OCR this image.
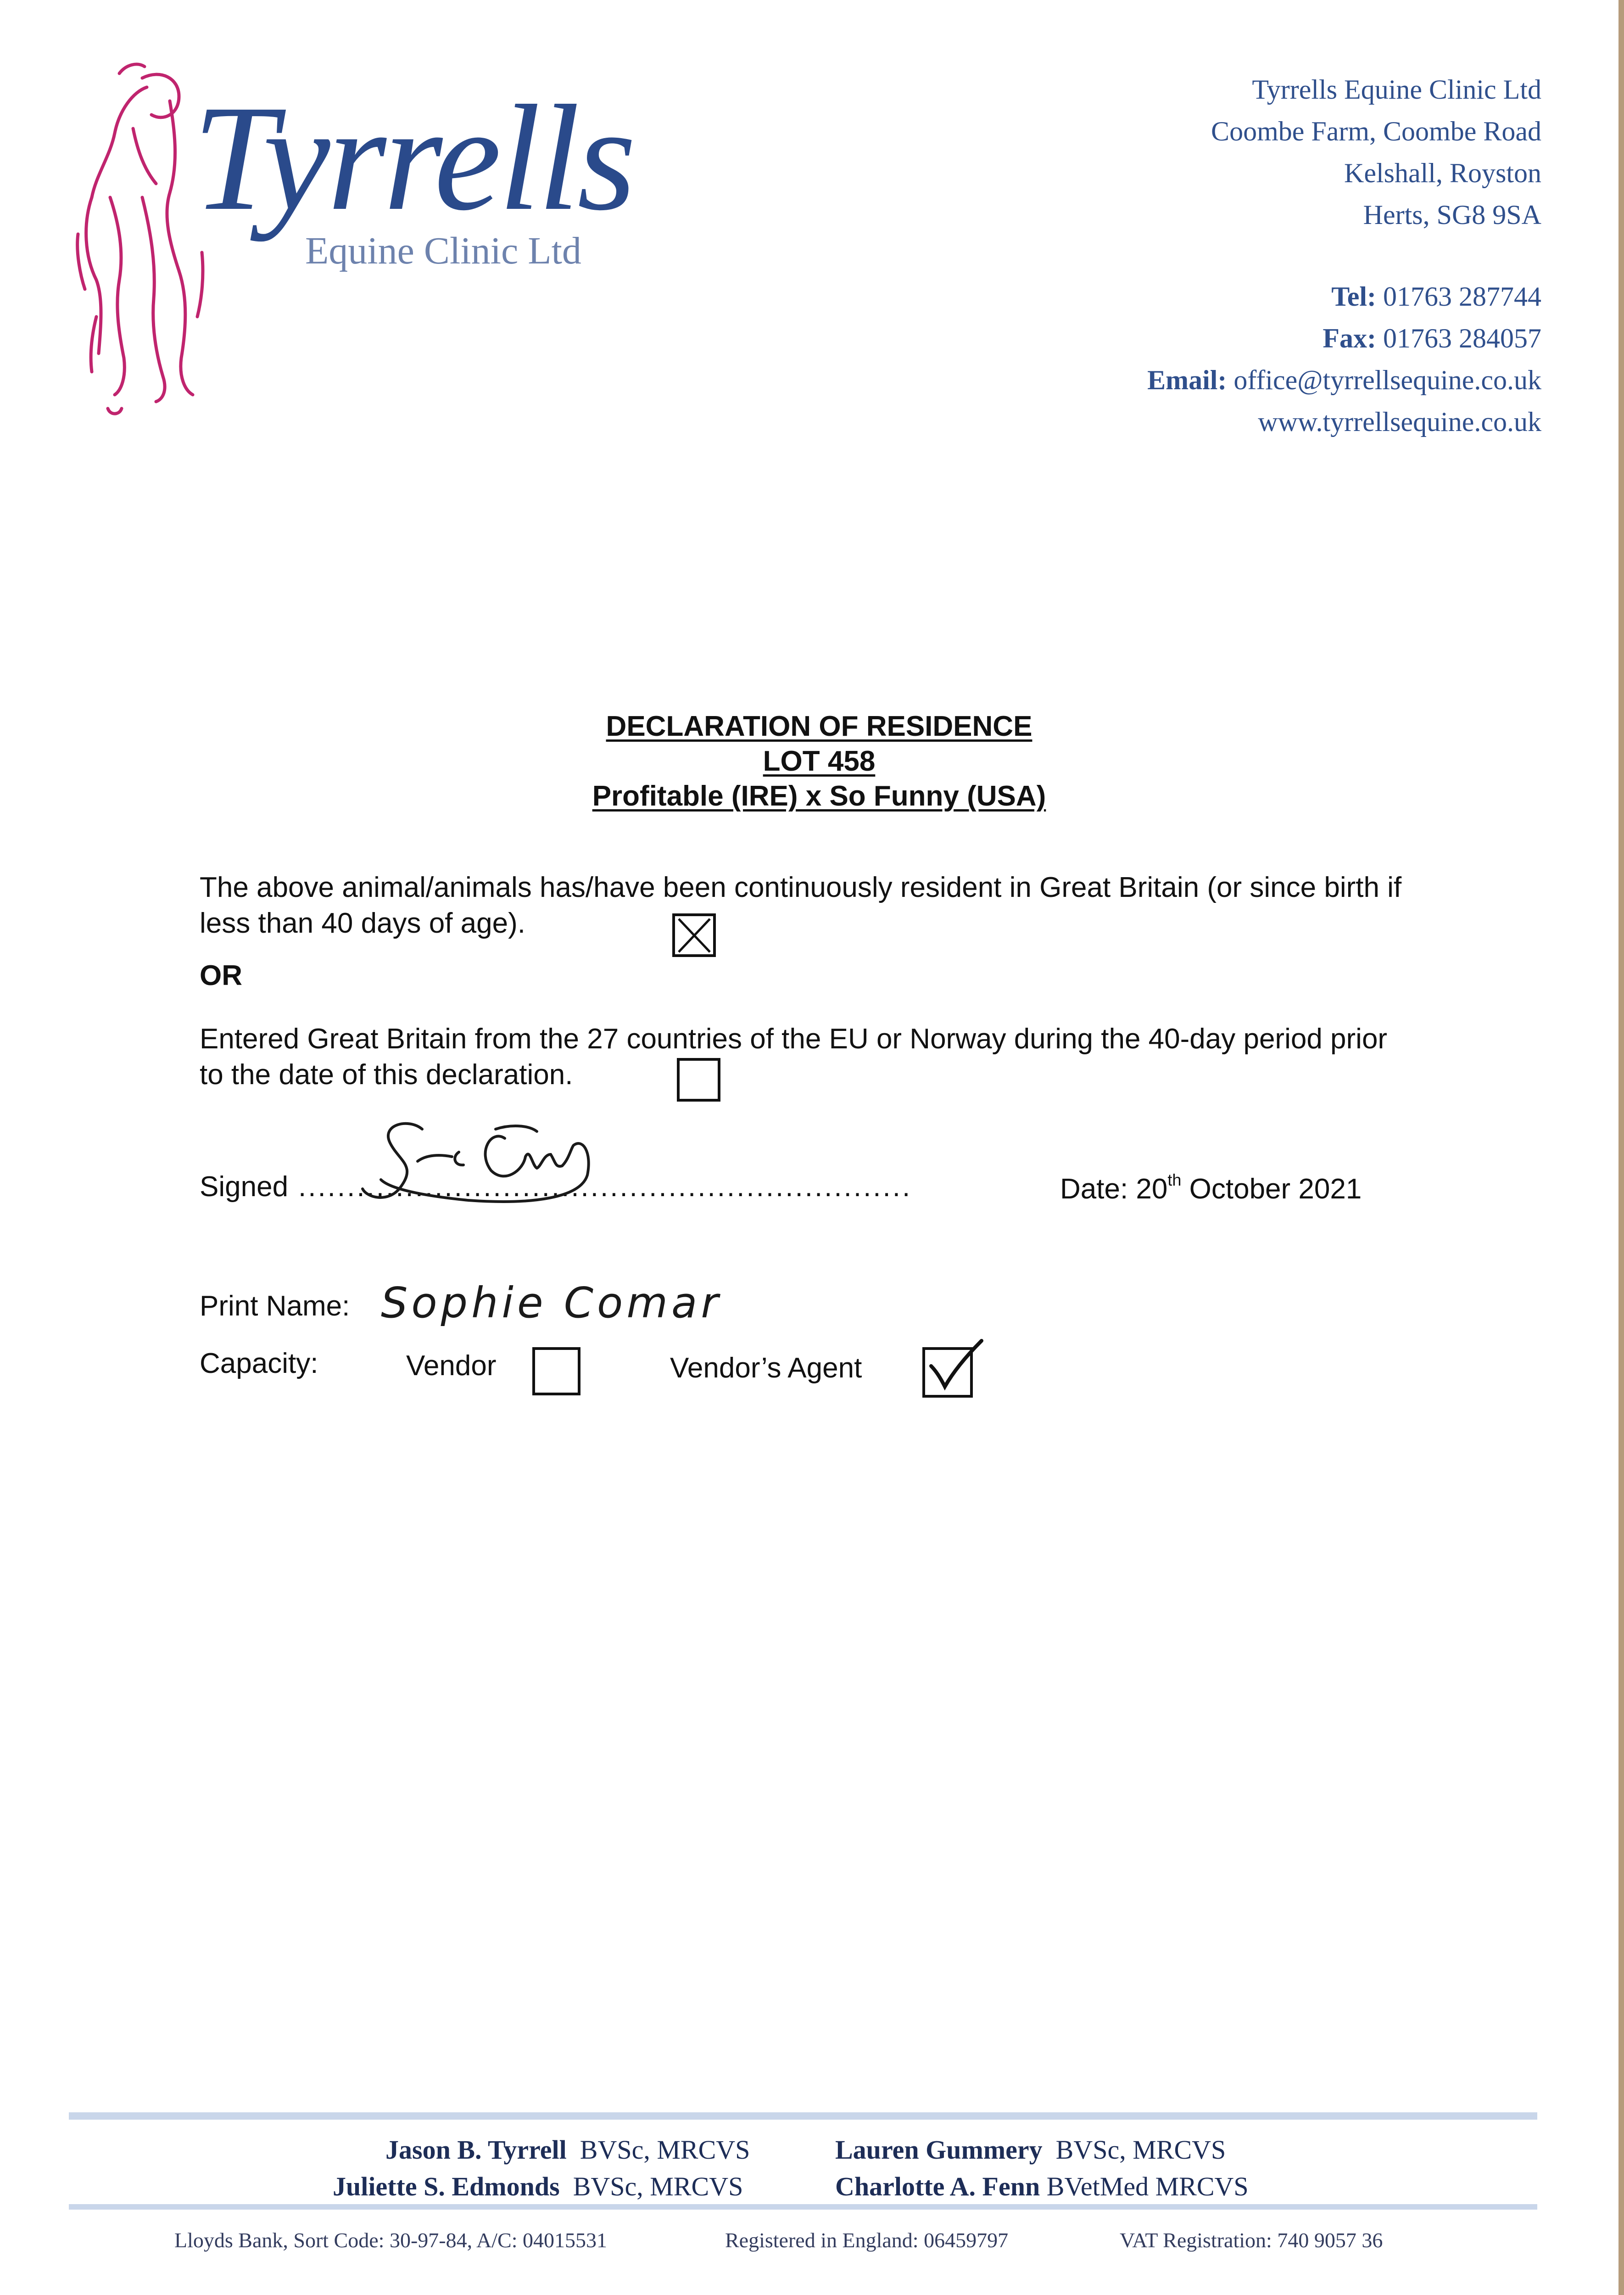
Tyrrells
Equine Clinic Ltd
Tyrrells Equine Clinic Ltd
Coombe Farm, Coombe Road
Kelshall, Royston
Herts, SG8 9SA
Tel: 01763 287744
Fax: 01763 284057
Email: office@tyrrellsequine.co.uk
www.tyrrellsequine.co.uk
DECLARATION OF RESIDENCE
LOT 458
Profitable (IRE) x So Funny (USA)
The above animal/animals has/have been continuously resident in Great Britain (or since birth if less than 40 days of age).
OR
Entered Great Britain from the 27 countries of the EU or Norway during the 40-day period prior to the date of this declaration.
Signed ...............................................................	Date: 20th October 2021
Print Name: Sophie Comar
Capacity:	Vendor	Vendor’s Agent
Jason B. Tyrrell BVSc, MRCVS
Juliette S. Edmonds BVSc, MRCVS
Lauren Gummery BVSc, MRCVS
Charlotte A. Fenn BVetMed MRCVS
Lloyds Bank, Sort Code: 30-97-84, A/C: 04015531	Registered in England: 06459797	VAT Registration: 740 9057 36
